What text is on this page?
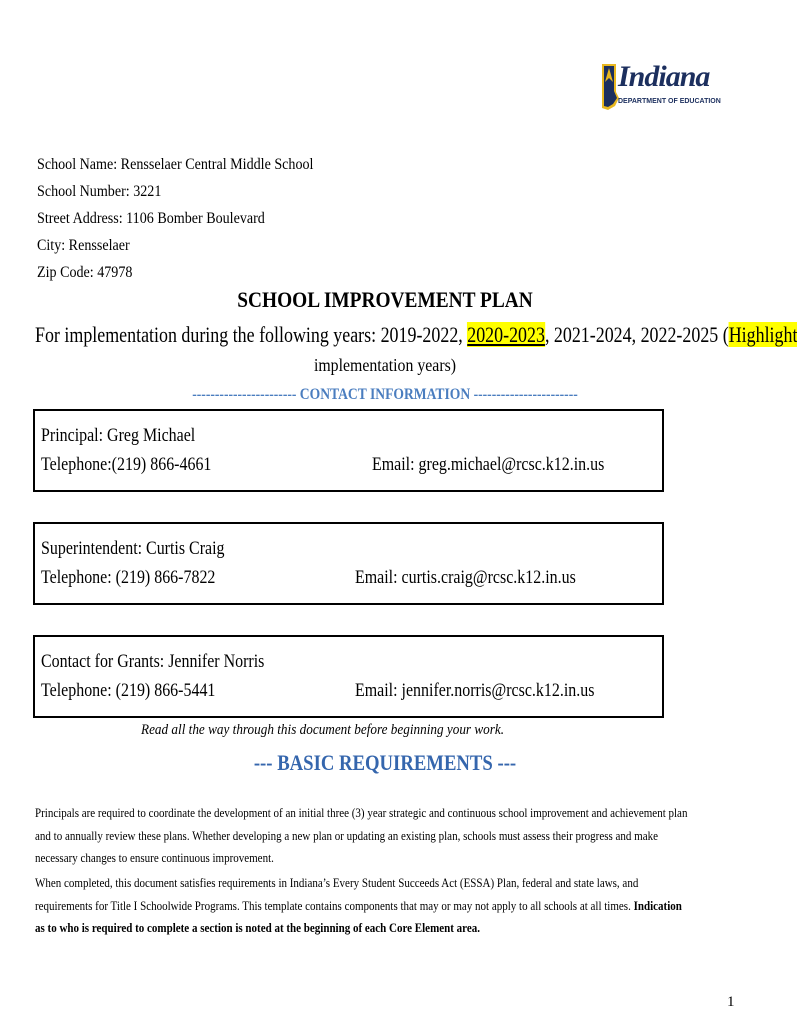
Indiana
DEPARTMENT OF EDUCATION
School Name: Rensselaer Central Middle School
School Number: 3221
Street Address: 1106 Bomber Boulevard
City: Rensselaer
Zip Code: 47978
SCHOOL IMPROVEMENT PLAN
For implementation during the following years: 2019-2022, 2020-2023, 2021-2024, 2022-2025 (Highlight
implementation years)
----------------------- CONTACT INFORMATION -----------------------
Principal: Greg Michael
Telephone:(219) 866-4661	Email: greg.michael@rcsc.k12.in.us
Superintendent: Curtis Craig
Telephone: (219) 866-7822	Email: curtis.craig@rcsc.k12.in.us
Contact for Grants: Jennifer Norris
Telephone: (219) 866-5441	Email: jennifer.norris@rcsc.k12.in.us
Read all the way through this document before beginning your work.
--- BASIC REQUIREMENTS ---
Principals are required to coordinate the development of an initial three (3) year strategic and continuous school improvement and achievement plan
and to annually review these plans. Whether developing a new plan or updating an existing plan, schools must assess their progress and make
necessary changes to ensure continuous improvement.
When completed, this document satisfies requirements in Indiana’s Every Student Succeeds Act (ESSA) Plan, federal and state laws, and
requirements for Title I Schoolwide Programs. This template contains components that may or may not apply to all schools at all times. Indication
as to who is required to complete a section is noted at the beginning of each Core Element area.
1
